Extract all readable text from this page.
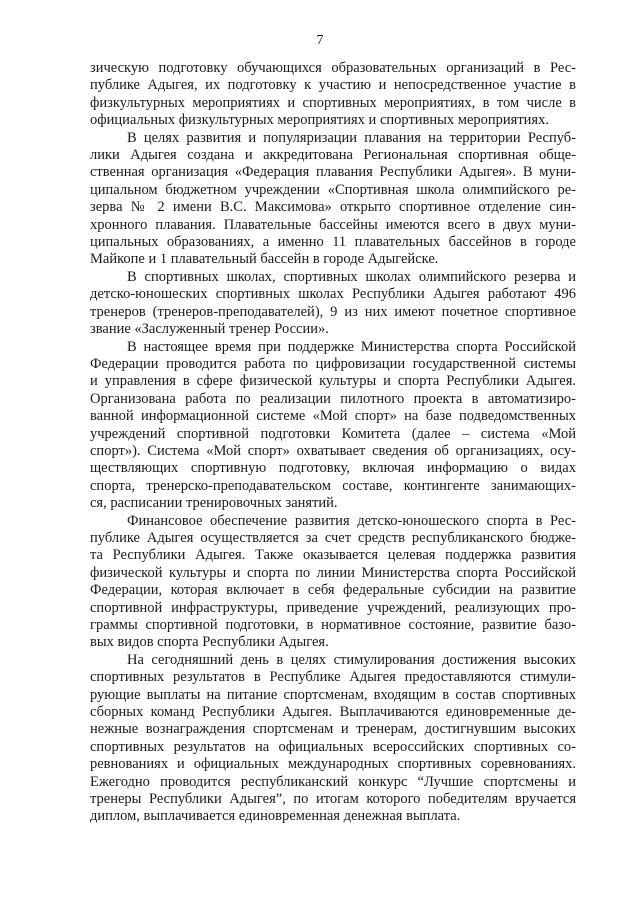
7
зическую подготовку обучающихся образовательных организаций в Рес-
публике Адыгея, их подготовку к участию и непосредственное участие в
физкультурных мероприятиях и спортивных мероприятиях, в том числе в
официальных физкультурных мероприятиях и спортивных мероприятиях.
В целях развития и популяризации плавания на территории Респуб-
лики Адыгея создана и аккредитована Региональная спортивная обще-
ственная организация «Федерация плавания Республики Адыгея». В муни-
ципальном бюджетном учреждении «Спортивная школа олимпийского ре-
зерва № 2 имени В.С. Максимова» открыто спортивное отделение син-
хронного плавания. Плавательные бассейны имеются всего в двух муни-
ципальных образованиях, а именно 11 плавательных бассейнов в городе
Майкопе и 1 плавательный бассейн в городе Адыгейске.
В спортивных школах, спортивных школах олимпийского резерва и
детско-юношеских спортивных школах Республики Адыгея работают 496
тренеров (тренеров-преподавателей), 9 из них имеют почетное спортивное
звание «Заслуженный тренер России».
В настоящее время при поддержке Министерства спорта Российской
Федерации проводится работа по цифровизации государственной системы
и управления в сфере физической культуры и спорта Республики Адыгея.
Организована работа по реализации пилотного проекта в автоматизиро-
ванной информационной системе «Мой спорт» на базе подведомственных
учреждений спортивной подготовки Комитета (далее – система «Мой
спорт»). Система «Мой спорт» охватывает сведения об организациях, осу-
ществляющих спортивную подготовку, включая информацию о видах
спорта, тренерско-преподавательском составе, контингенте занимающих-
ся, расписании тренировочных занятий.
Финансовое обеспечение развития детско-юношеского спорта в Рес-
публике Адыгея осуществляется за счет средств республиканского бюдже-
та Республики Адыгея. Также оказывается целевая поддержка развития
физической культуры и спорта по линии Министерства спорта Российской
Федерации, которая включает в себя федеральные субсидии на развитие
спортивной инфраструктуры, приведение учреждений, реализующих про-
граммы спортивной подготовки, в нормативное состояние, развитие базо-
вых видов спорта Республики Адыгея.
На сегодняшний день в целях стимулирования достижения высоких
спортивных результатов в Республике Адыгея предоставляются стимули-
рующие выплаты на питание спортсменам, входящим в состав спортивных
сборных команд Республики Адыгея. Выплачиваются единовременные де-
нежные вознаграждения спортсменам и тренерам, достигнувшим высоких
спортивных результатов на официальных всероссийских спортивных со-
ревнованиях и официальных международных спортивных соревнованиях.
Ежегодно проводится республиканский конкурс “Лучшие спортсмены и
тренеры Республики Адыгея”, по итогам которого победителям вручается
диплом, выплачивается единовременная денежная выплата.
